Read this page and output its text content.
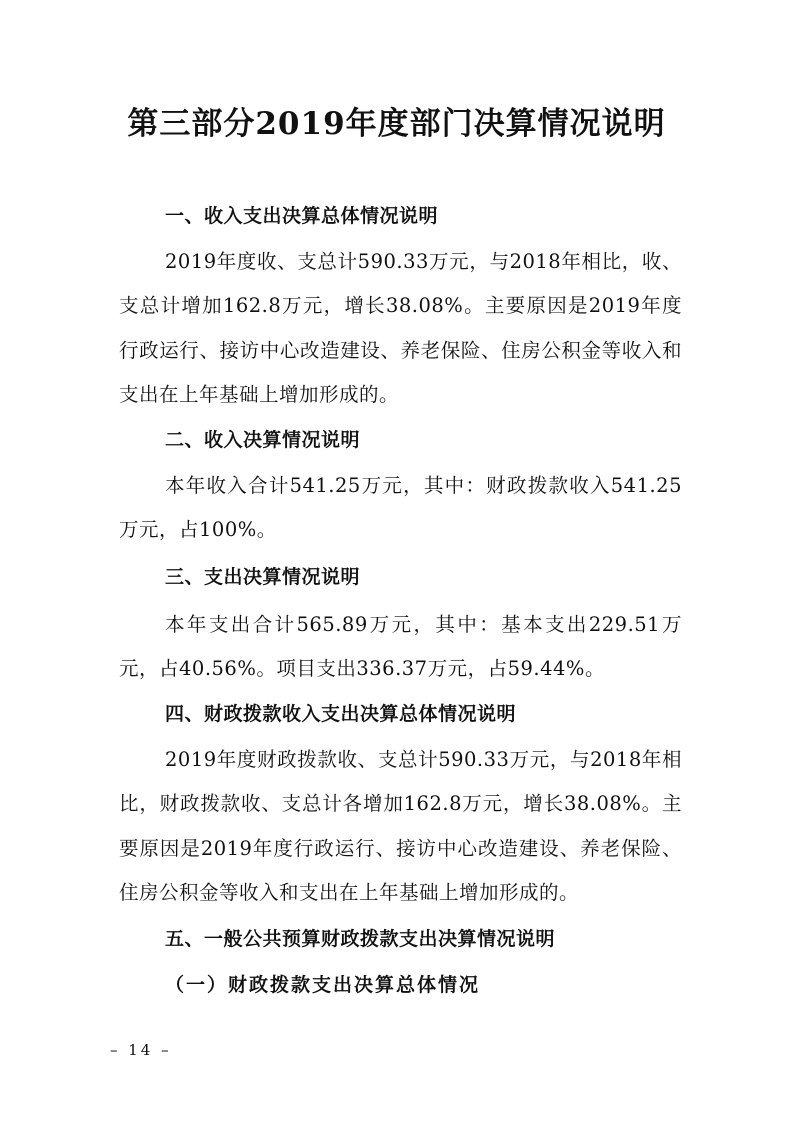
第三部分2019年度部门决算情况说明
一、收入支出决算总体情况说明
2019年度收、支总计590.33万元，与2018年相比，收、支总计增加162.8万元，增长38.08%。主要原因是2019年度行政运行、接访中心改造建设、养老保险、住房公积金等收入和支出在上年基础上增加形成的。
二、收入决算情况说明
本年收入合计541.25万元，其中：财政拨款收入541.25万元，占100%。
三、支出决算情况说明
本年支出合计565.89万元，其中：基本支出229.51万元，占40.56%。项目支出336.37万元，占59.44%。
四、财政拨款收入支出决算总体情况说明
2019年度财政拨款收、支总计590.33万元，与2018年相比，财政拨款收、支总计各增加162.8万元，增长38.08%。主要原因是2019年度行政运行、接访中心改造建设、养老保险、住房公积金等收入和支出在上年基础上增加形成的。
五、一般公共预算财政拨款支出决算情况说明
（一）财政拨款支出决算总体情况
– 14 –
